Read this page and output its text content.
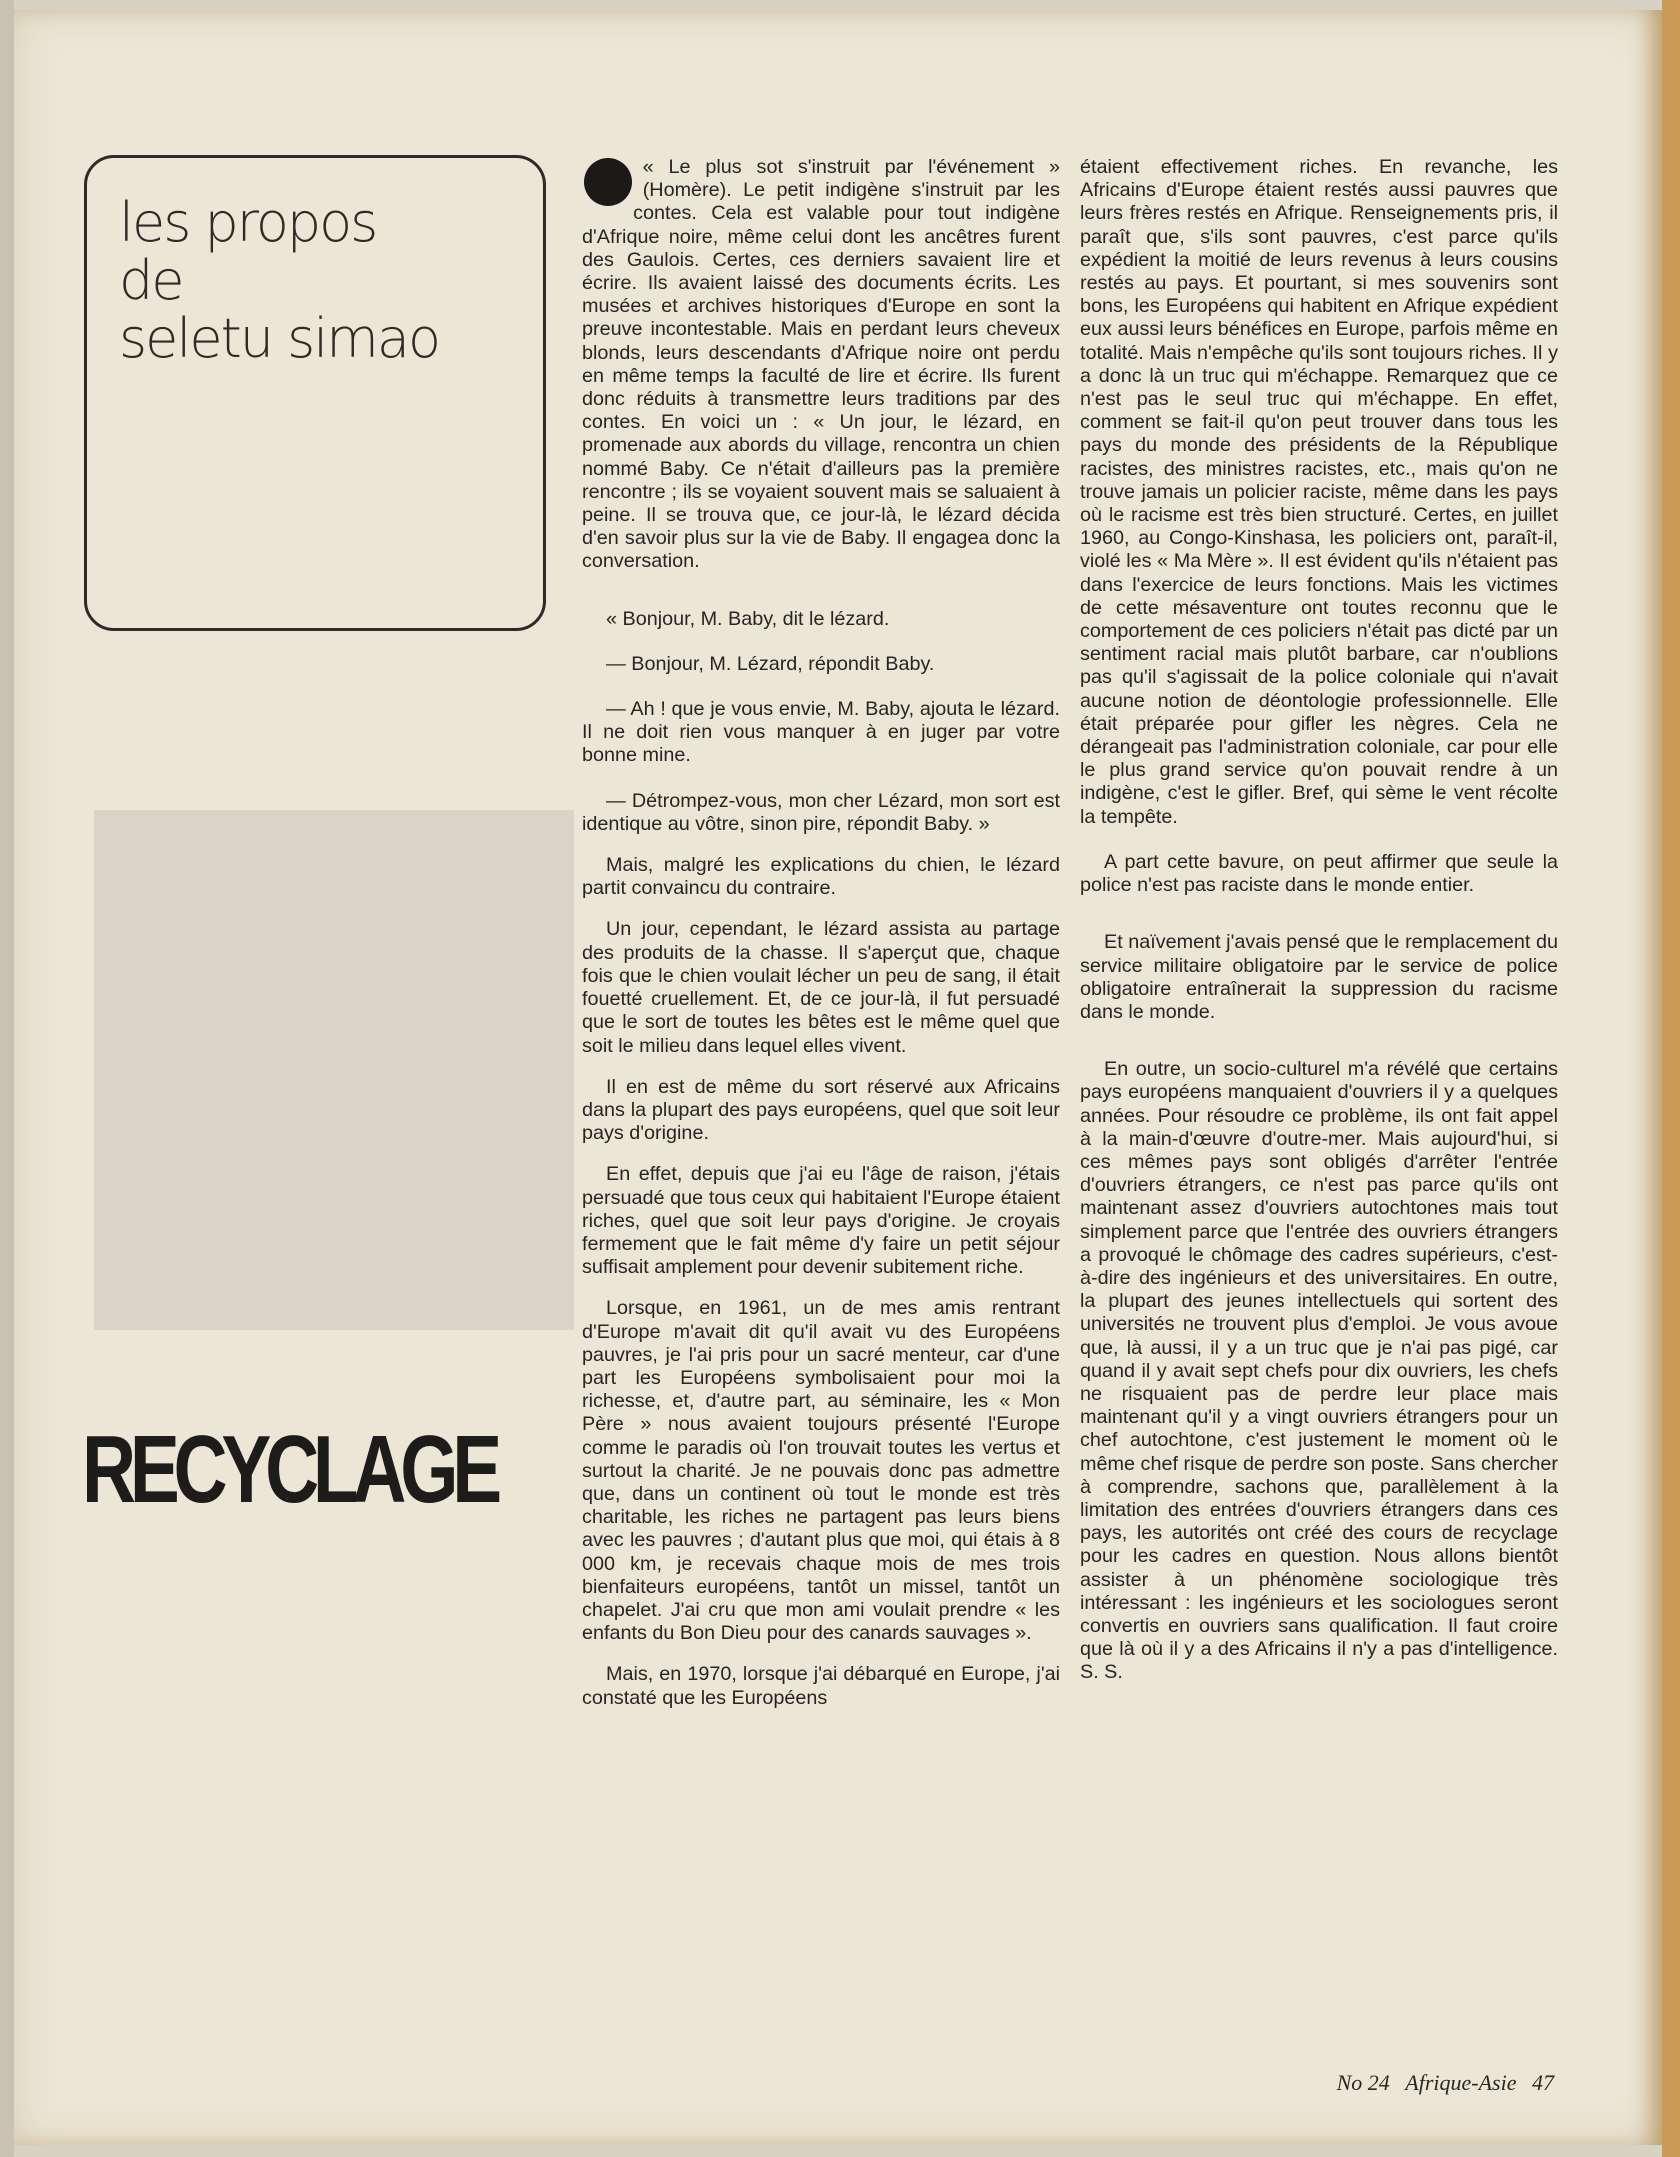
les propos
de
seletu simao
RECYCLAGE

« Le plus sot s'instruit par l'événement » (Homère). Le petit indigène s'instruit par les contes. Cela est valable pour tout indigène d'Afrique noire, même celui dont les ancêtres furent des Gaulois. Certes, ces derniers savaient lire et écrire. Ils avaient laissé des documents écrits. Les musées et archives historiques d'Europe en sont la preuve incontestable. Mais en perdant leurs cheveux blonds, leurs descendants d'Afrique noire ont perdu en même temps la faculté de lire et écrire. Ils furent donc réduits à transmettre leurs traditions par des contes. En voici un : « Un jour, le lézard, en promenade aux abords du village, rencontra un chien nommé Baby. Ce n'était d'ailleurs pas la première rencontre ; ils se voyaient souvent mais se saluaient à peine. Il se trouva que, ce jour-là, le lézard décida d'en savoir plus sur la vie de Baby. Il engagea donc la conversation.

« Bonjour, M. Baby, dit le lézard.

— Bonjour, M. Lézard, répondit Baby.

— Ah ! que je vous envie, M. Baby, ajouta le lézard. Il ne doit rien vous manquer à en juger par votre bonne mine.

— Détrompez-vous, mon cher Lézard, mon sort est identique au vôtre, sinon pire, répondit Baby. »

Mais, malgré les explications du chien, le lézard partit convaincu du contraire.

Un jour, cependant, le lézard assista au partage des produits de la chasse. Il s'aperçut que, chaque fois que le chien voulait lécher un peu de sang, il était fouetté cruellement. Et, de ce jour-là, il fut persuadé que le sort de toutes les bêtes est le même quel que soit le milieu dans lequel elles vivent.

Il en est de même du sort réservé aux Africains dans la plupart des pays européens, quel que soit leur pays d'origine.

En effet, depuis que j'ai eu l'âge de raison, j'étais persuadé que tous ceux qui habitaient l'Europe étaient riches, quel que soit leur pays d'origine. Je croyais fermement que le fait même d'y faire un petit séjour suffisait amplement pour devenir subitement riche.

Lorsque, en 1961, un de mes amis rentrant d'Europe m'avait dit qu'il avait vu des Européens pauvres, je l'ai pris pour un sacré menteur, car d'une part les Européens symbolisaient pour moi la richesse, et, d'autre part, au séminaire, les « Mon Père » nous avaient toujours présenté l'Europe comme le paradis où l'on trouvait toutes les vertus et surtout la charité. Je ne pouvais donc pas admettre que, dans un continent où tout le monde est très charitable, les riches ne partagent pas leurs biens avec les pauvres ; d'autant plus que moi, qui étais à 8 000 km, je recevais chaque mois de mes trois bienfaiteurs européens, tantôt un missel, tantôt un chapelet. J'ai cru que mon ami voulait prendre « les enfants du Bon Dieu pour des canards sauvages ».

Mais, en 1970, lorsque j'ai débarqué en Europe, j'ai constaté que les Européens

étaient effectivement riches. En revanche, les Africains d'Europe étaient restés aussi pauvres que leurs frères restés en Afrique. Renseignements pris, il paraît que, s'ils sont pauvres, c'est parce qu'ils expédient la moitié de leurs revenus à leurs cousins restés au pays. Et pourtant, si mes souvenirs sont bons, les Européens qui habitent en Afrique expédient eux aussi leurs bénéfices en Europe, parfois même en totalité. Mais n'empêche qu'ils sont toujours riches. Il y a donc là un truc qui m'échappe. Remarquez que ce n'est pas le seul truc qui m'échappe. En effet, comment se fait-il qu'on peut trouver dans tous les pays du monde des présidents de la République racistes, des ministres racistes, etc., mais qu'on ne trouve jamais un policier raciste, même dans les pays où le racisme est très bien structuré. Certes, en juillet 1960, au Congo-Kinshasa, les policiers ont, paraît-il, violé les « Ma Mère ». Il est évident qu'ils n'étaient pas dans l'exercice de leurs fonctions. Mais les victimes de cette mésaventure ont toutes reconnu que le comportement de ces policiers n'était pas dicté par un sentiment racial mais plutôt barbare, car n'oublions pas qu'il s'agissait de la police coloniale qui n'avait aucune notion de déontologie professionnelle. Elle était préparée pour gifler les nègres. Cela ne dérangeait pas l'administration coloniale, car pour elle le plus grand service qu'on pouvait rendre à un indigène, c'est le gifler. Bref, qui sème le vent récolte la tempête.

A part cette bavure, on peut affirmer que seule la police n'est pas raciste dans le monde entier.

Et naïvement j'avais pensé que le remplacement du service militaire obligatoire par le service de police obligatoire entraînerait la suppression du racisme dans le monde.

En outre, un socio-culturel m'a révélé que certains pays européens manquaient d'ouvriers il y a quelques années. Pour résoudre ce problème, ils ont fait appel à la main-d'œuvre d'outre-mer. Mais aujourd'hui, si ces mêmes pays sont obligés d'arrêter l'entrée d'ouvriers étrangers, ce n'est pas parce qu'ils ont maintenant assez d'ouvriers autochtones mais tout simplement parce que l'entrée des ouvriers étrangers a provoqué le chômage des cadres supérieurs, c'est-à-dire des ingénieurs et des universitaires. En outre, la plupart des jeunes intellectuels qui sortent des universités ne trouvent plus d'emploi. Je vous avoue que, là aussi, il y a un truc que je n'ai pas pigé, car quand il y avait sept chefs pour dix ouvriers, les chefs ne risquaient pas de perdre leur place mais maintenant qu'il y a vingt ouvriers étrangers pour un chef autochtone, c'est justement le moment où le même chef risque de perdre son poste. Sans chercher à comprendre, sachons que, parallèlement à la limitation des entrées d'ouvriers étrangers dans ces pays, les autorités ont créé des cours de recyclage pour les cadres en question. Nous allons bientôt assister à un phénomène sociologique très intéressant : les ingénieurs et les sociologues seront convertis en ouvriers sans qualification. Il faut croire que là où il y a des Africains il n'y a pas d'intelligence. S. S.

No 24 Afrique-Asie 47
